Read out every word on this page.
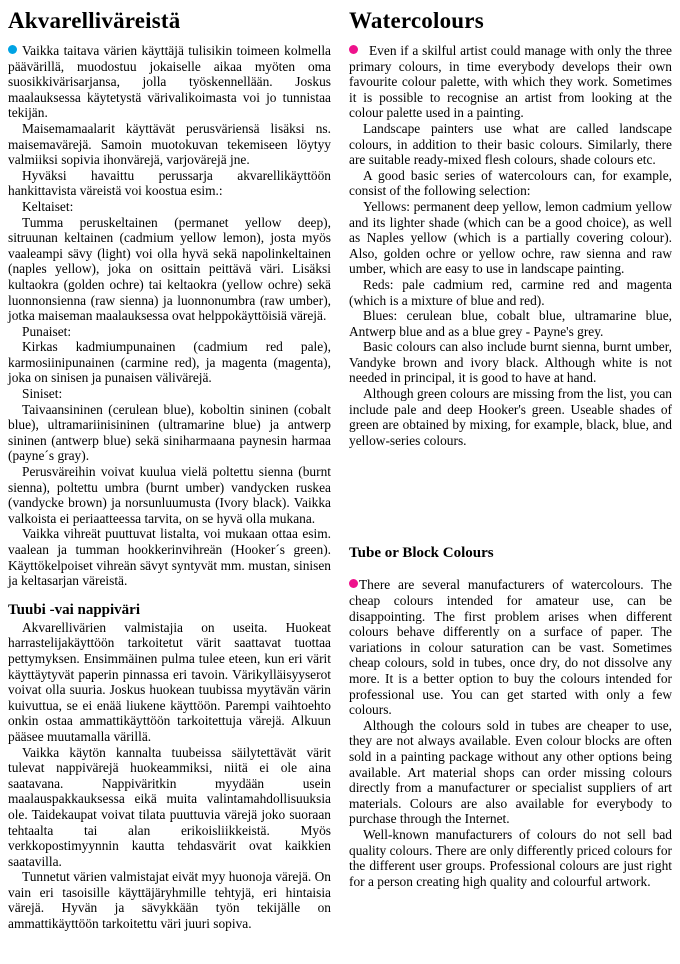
Akvarelliväreistä

Vaikka taitava värien käyttäjä tulisikin toimeen kolmella päävärillä, muodostuu jokaiselle aikaa myöten oma suosikkivärisarjansa, jolla työskennellään. Joskus maalauksessa käytetystä värivalikoimasta voi jo tunnistaa tekijän.

Maisemamaalarit käyttävät perusväriensä lisäksi ns. maisemavärejä. Samoin muotokuvan tekemiseen löytyy valmiiksi sopivia ihonvärejä, varjovärejä jne.

Hyväksi havaittu perussarja akvarellikäyttöön hankittavista väreistä voi koostua esim.:

Keltaiset:

Tumma peruskeltainen (permanet yellow deep), sitruunan keltainen (cadmium yellow lemon), josta myös vaaleampi sävy (light) voi olla hyvä sekä napolinkeltainen (naples yellow), joka on osittain peittävä väri. Lisäksi kultaokra (golden ochre) tai keltaokra (yellow ochre) sekä luonnonsienna (raw sienna) ja luonnonumbra (raw umber), jotka maiseman maalauksessa ovat helppokäyttöisiä värejä.

Punaiset:

Kirkas kadmiumpunainen (cadmium red pale), karmosiinipunainen (carmine red), ja magenta (magenta), joka on sinisen ja punaisen välivärejä.

Siniset:

Taivaansininen (cerulean blue), koboltin sininen (cobalt blue), ultramariinisininen (ultramarine blue) ja antwerp sininen (antwerp blue) sekä siniharmaana paynesin harmaa (payne´s gray).

Perusväreihin voivat kuulua vielä poltettu sienna (burnt sienna), poltettu umbra (burnt umber) vandycken ruskea (vandycke brown) ja norsunluumusta (Ivory black). Vaikka valkoista ei periaatteessa tarvita, on se hyvä olla mukana.

Vaikka vihreät puuttuvat listalta, voi mukaan ottaa esim. vaalean ja tumman hookkerinvihreän (Hooker´s green). Käyttökelpoiset vihreän sävyt syntyvät mm. mustan, sinisen ja keltasarjan väreistä.

Tuubi -vai nappiväri

Akvarellivärien valmistajia on useita. Huokeat harrastelijakäyttöön tarkoitetut värit saattavat tuottaa pettymyksen. Ensimmäinen pulma tulee eteen, kun eri värit käyttäytyvät paperin pinnassa eri tavoin. Värikylläisyyserot voivat olla suuria. Joskus huokean tuubissa myytävän värin kuivuttua, se ei enää liukene käyttöön. Parempi vaihtoehto onkin ostaa ammattikäyttöön tarkoitettuja värejä. Alkuun pääsee muutamalla värillä.

Vaikka käytön kannalta tuubeissa säilytettävät värit tulevat nappivärejä huokeammiksi, niitä ei ole aina saatavana. Nappiväritkin myydään usein maalauspakkauksessa eikä muita valintamahdollisuuksia ole. Taidekaupat voivat tilata puuttuvia värejä joko suoraan tehtaalta tai alan erikoisliikkeistä. Myös verkkopostimyynnin kautta tehdasvärit ovat kaikkien saatavilla.

Tunnetut värien valmistajat eivät myy huonoja värejä. On vain eri tasoisille käyttäjäryhmille tehtyjä, eri hintaisia värejä. Hyvän ja sävykkään työn tekijälle on ammattikäyttöön tarkoitettu väri juuri sopiva.

Watercolours

Even if a skilful artist could manage with only the three primary colours, in time everybody develops their own favourite colour palette, with which they work. Sometimes it is possible to recognise an artist from looking at the colour palette used in a painting.

Landscape painters use what are called landscape colours, in addition to their basic colours. Similarly, there are suitable ready-mixed flesh colours, shade colours etc.

A good basic series of watercolours can, for example, consist of the following selection:

Yellows: permanent deep yellow, lemon cadmium yellow and its lighter shade (which can be a good choice), as well as Naples yellow (which is a partially covering colour). Also, golden ochre or yellow ochre, raw sienna and raw umber, which are easy to use in landscape painting.

Reds: pale cadmium red, carmine red and magenta (which is a mixture of blue and red).

Blues: cerulean blue, cobalt blue, ultramarine blue, Antwerp blue and as a blue grey - Payne's grey.

Basic colours can also include burnt sienna, burnt umber, Vandyke brown and ivory black. Although white is not needed in principal, it is good to have at hand.

Although green colours are missing from the list, you can include pale and deep Hooker's green. Useable shades of green are obtained by mixing, for example, black, blue, and yellow-series colours.

Tube or Block Colours

There are several manufacturers of watercolours. The cheap colours intended for amateur use, can be disappointing. The first problem arises when different colours behave differently on a surface of paper. The variations in colour saturation can be vast. Sometimes cheap colours, sold in tubes, once dry, do not dissolve any more. It is a better option to buy the colours intended for professional use. You can get started with only a few colours.

Although the colours sold in tubes are cheaper to use, they are not always available. Even colour blocks are often sold in a painting package without any other options being available. Art material shops can order missing colours directly from a manufacturer or specialist suppliers of art materials. Colours are also available for everybody to purchase through the Internet.

Well-known manufacturers of colours do not sell bad quality colours. There are only differently priced colours for the different user groups. Professional colours are just right for a person creating high quality and colourful artwork.
